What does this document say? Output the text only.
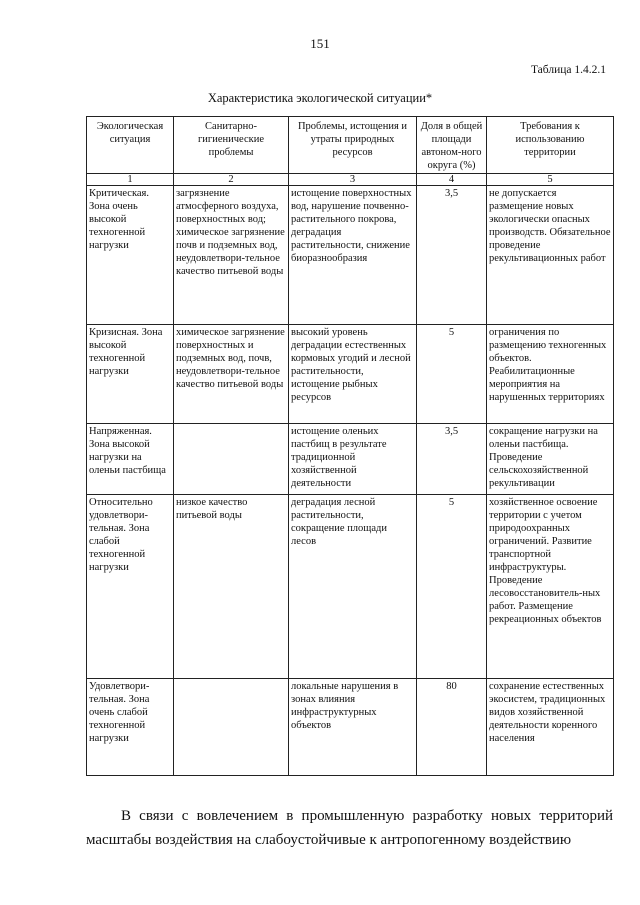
151
Таблица 1.4.2.1
Характеристика экологической ситуации*
Экологическая ситуация	Санитарно-гигиенические проблемы	Проблемы, истощения и утраты природных ресурсов	Доля в общей площади автоном-ного округа (%)	Требования к использованию территории
1	2	3	4	5
Критическая. Зона очень высокой техногенной нагрузки	загрязнение атмосферного воздуха, поверхностных вод; химическое загрязнение почв и подземных вод, неудовлетвори-тельное качество питьевой воды	истощение поверхностных вод, нарушение почвенно-растительного покрова, деградация растительности, снижение биоразнообразия	3,5	не допускается размещение новых экологически опасных производств. Обязательное проведение рекультивационных работ
Кризисная. Зона высокой техногенной нагрузки	химическое загрязнение поверхностных и подземных вод, почв, неудовлетвори-тельное качество питьевой воды	высокий уровень деградации естественных кормовых угодий и лесной растительности, истощение рыбных ресурсов	5	ограничения по размещению техногенных объектов. Реабилитационные мероприятия на нарушенных территориях
Напряженная. Зона высокой нагрузки на оленьи пастбища		истощение оленьих пастбищ в результате традиционной хозяйственной деятельности	3,5	сокращение нагрузки на оленьи пастбища. Проведение сельскохозяйственной рекультивации
Относительно удовлетвори-тельная. Зона слабой техногенной нагрузки	низкое качество питьевой воды	деградация лесной растительности, сокращение площади лесов	5	хозяйственное освоение территории с учетом природоохранных ограничений. Развитие транспортной инфраструктуры. Проведение лесовосстановитель-ных работ. Размещение рекреационных объектов
Удовлетвори-тельная. Зона очень слабой техногенной нагрузки		локальные нарушения в зонах влияния инфраструктурных объектов	80	сохранение естественных экосистем, традиционных видов хозяйственной деятельности коренного населения
В связи с вовлечением в промышленную разработку новых территорий масштабы воздействия на слабоустойчивые к антропогенному воздействию
